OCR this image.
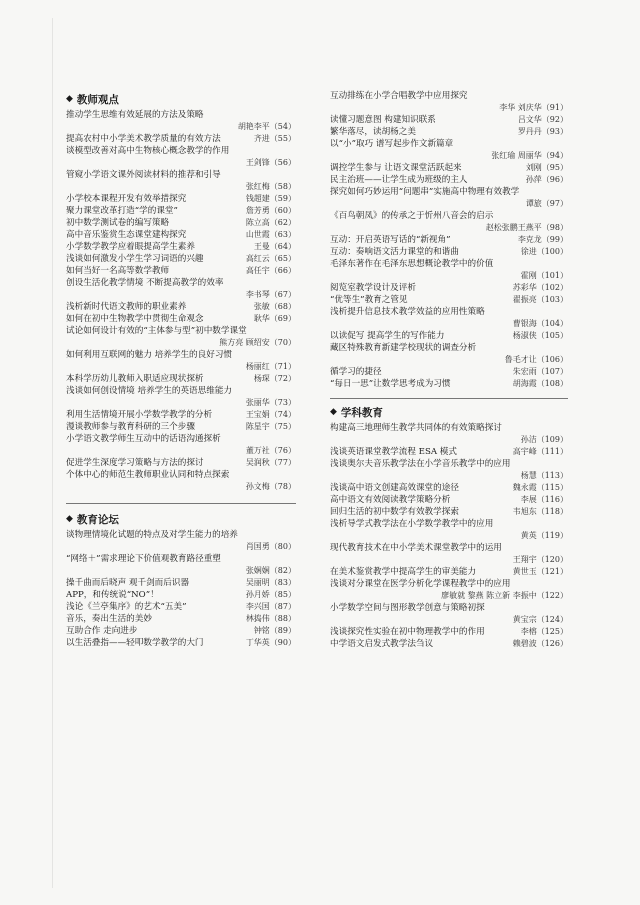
◆ 教师观点
推动学生思维有效延展的方法及策略
胡艳李平（54）
提高农村中小学美术教学质量的有效方法	齐进（55）
谈模型改善对高中生物核心概念教学的作用
王剑锋（56）
管窥小学语文课外阅读材料的推荐和引导
张红梅（58）
小学校本课程开发有效举措探究	钱超建（59）
聚力课堂改革打造“学的课堂”	詹芳勇（60）
初中数学测试卷的编写策略	陈立高（62）
高中音乐鉴赏生态课堂建构探究	山世霞（63）
小学数学教学应着眼提高学生素养	王曼（64）
浅谈如何激发小学生学习词语的兴趣	高红云（65）
如何当好一名高等数学教师	高任宇（66）
创设生活化教学情境 不断提高教学的效率
李书琴（67）
浅析新时代语文教师的职业素养	张敏（68）
如何在初中生物教学中贯彻生命观念	耿华（69）
试论如何设计有效的“主体参与型”初中数学课堂
熊方亮 顾绍安（70）
如何利用互联网的魅力 培养学生的良好习惯
杨丽红（71）
本科学历幼儿教师入职适应现状探析	杨琛（72）
浅谈如何创设情境 培养学生的英语思维能力
张丽华（73）
利用生活情境开展小学数学教学的分析	王宝娟（74）
漫谈教师参与教育科研的三个步骤	陈星宇（75）
小学语文教学师生互动中的话语沟通探析
董万社（76）
促进学生深度学习策略与方法的探讨	吴润秋（77）
个体中心的师范生教师职业认同和特点探索
孙文梅（78）
◆ 教育论坛
谈物理情境化试题的特点及对学生能力的培养
肖国勇（80）
“网络＋”需求理论下价值观教育路径重塑
张娴娴（82）
操千曲而后晓声 观千剑而后识器	吴丽明（83）
APP，和传统说“NO”！	孙月娇（85）
浅论《兰亭集序》的艺术“五美”	李兴国（87）
音乐，奏出生活的美妙	林捣伟（88）
互助合作 走向进步	钟铭（89）
以生活叠指——轻叩数学教学的大门	丁华英（90）
互动排练在小学合唱教学中应用探究
李华 刘庆华（91）
读懂习题意图 构建知识联系	吕文华（92）
繁华落尽，读胡杨之美	罗丹丹（93）
以“小”取巧 谱写起步作文新篇章
张红瑜 周丽华（94）
调控学生参与 让语文课堂活跃起来	刘刚（95）
民主治班——让学生成为班级的主人	孙萍（96）
探究如何巧妙运用“问题串”实施高中物理有效教学
谭旅（97）
《百鸟朝凤》的传承之于忻州八音会的启示
赵松张鹏王燕平（98）
互动：开启英语写话的“新视角”	李克龙（99）
互动：奏响语文活力课堂的和谐曲	徐进（100）
毛泽东著作在毛泽东思想概论教学中的价值
霍刚（101）
阅览室教学设计及评析	苏彩华（102）
“优等生”教育之管见	翟振亮（103）
浅析提升信息技术教学效益的应用性策略
曹银海（104）
以读促写 提高学生的写作能力	杨淑侠（105）
藏区特殊教育新建学校现状的调查分析
鲁毛才让（106）
循学习的捷径	朱宏雨（107）
“每日一思”让数学思考成为习惯	胡海霞（108）
◆ 学科教育
构建高三地理师生教学共同体的有效策略探讨
孙洁（109）
浅谈英语课堂教学流程 ESA 模式	高宇峰（111）
浅谈奥尔夫音乐教学法在小学音乐教学中的应用
杨慧（113）
浅谈高中语文创建高效课堂的途径	魏永霞（115）
高中语文有效阅读教学策略分析	李展（116）
回归生活的初中数学有效教学探索	韦旭东（118）
浅析导学式教学法在小学数学教学中的应用
黄英（119）
现代教育技术在中小学美术课堂教学中的运用
王翔宇（120）
在美术鉴赏教学中提高学生的审美能力	黄世玉（121）
浅谈对分课堂在医学分析化学课程教学中的应用
廖敏就 黎燕 陈立新 李振中（122）
小学数学空间与图形教学创意与策略初探
黄宝宗（124）
浅谈探究性实验在初中物理教学中的作用	李榕（125）
中学语文启发式教学法刍议	赖碧波（126）
